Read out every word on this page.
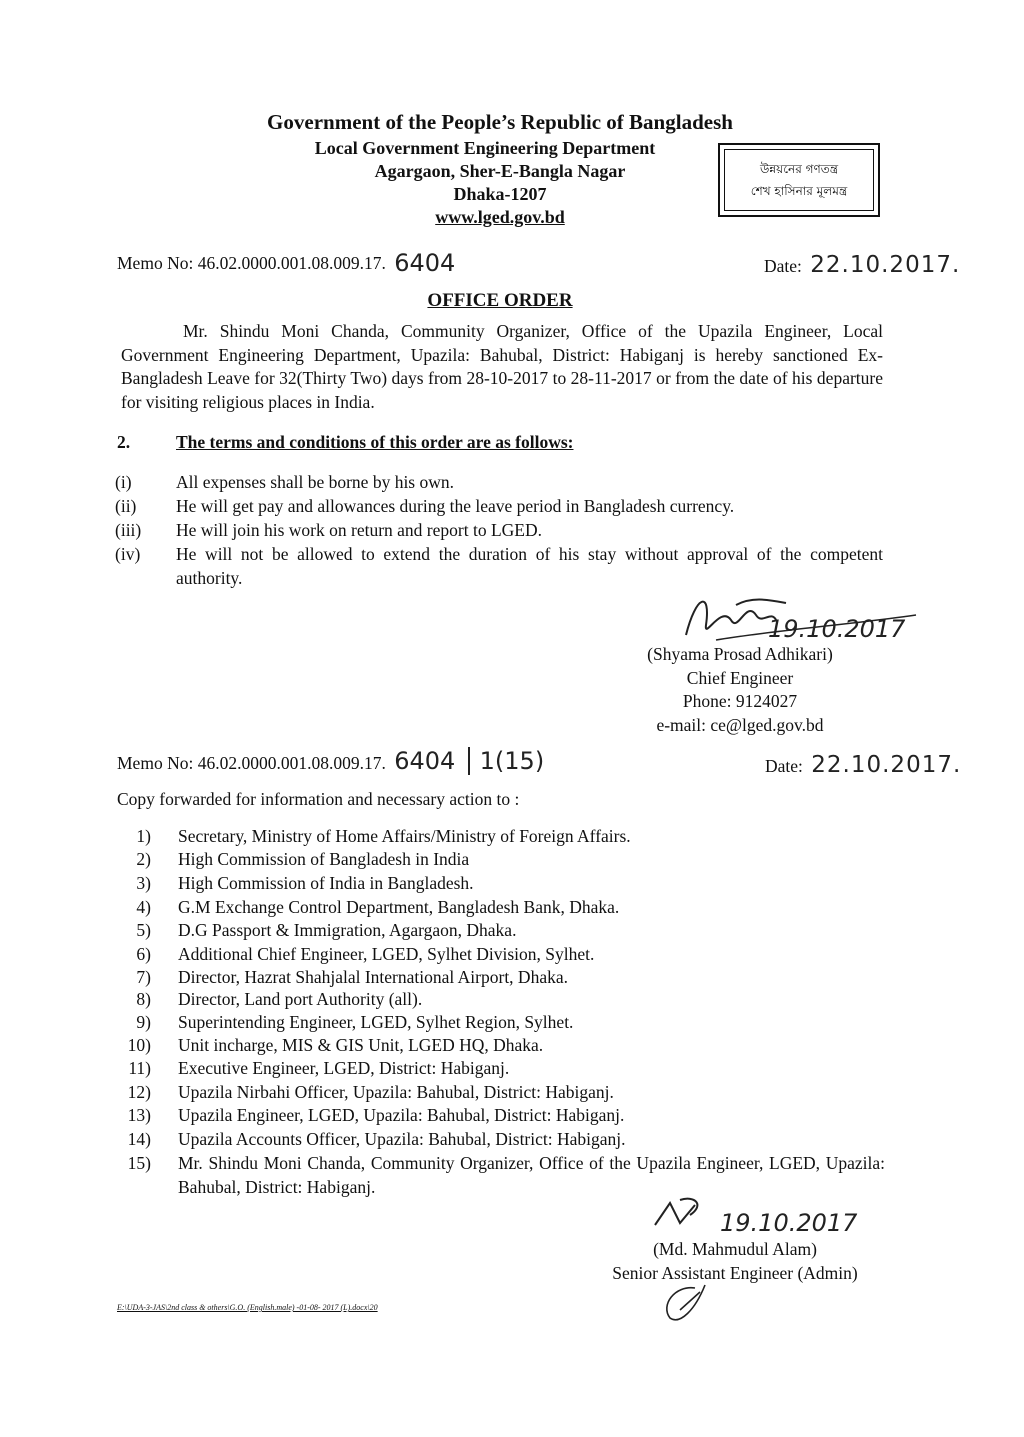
Government of the People’s Republic of Bangladesh
Local Government Engineering Department
Agargaon, Sher-E-Bangla Nagar
Dhaka-1207
www.lged.gov.bd
উন্নয়নের গণতন্ত্র
শেখ হাসিনার মূলমন্ত্র
Memo No: 46.02.0000.001.08.009.17. 6404	Date: 22.10.2017.
OFFICE ORDER
Mr. Shindu Moni Chanda, Community Organizer, Office of the Upazila Engineer, Local Government Engineering Department, Upazila: Bahubal, District: Habiganj is hereby sanctioned Ex-Bangladesh Leave for 32(Thirty Two) days from 28-10-2017 to 28-11-2017 or from the date of his departure for visiting religious places in India.
2.	The terms and conditions of this order are as follows:
(i)	All expenses shall be borne by his own.
(ii) He will get pay and allowances during the leave period in Bangladesh currency.
(iii) He will join his work on return and report to LGED.
(iv) He will not be allowed to extend the duration of his stay without approval of the competent authority.
19.10.2017
(Shyama Prosad Adhikari)
Chief Engineer
Phone: 9124027
e-mail: ce@lged.gov.bd
Memo No: 46.02.0000.001.08.009.17. 6404 1(15)	Date: 22.10.2017.
Copy forwarded for information and necessary action to :
1) Secretary, Ministry of Home Affairs/Ministry of Foreign Affairs.
2) High Commission of Bangladesh in India
3) High Commission of India in Bangladesh.
4) G.M Exchange Control Department, Bangladesh Bank, Dhaka.
5) D.G Passport & Immigration, Agargaon, Dhaka.
6) Additional Chief Engineer, LGED, Sylhet Division, Sylhet.
7) Director, Hazrat Shahjalal International Airport, Dhaka.
8) Director, Land port Authority (all).
9) Superintending Engineer, LGED, Sylhet Region, Sylhet.
10) Unit incharge, MIS & GIS Unit, LGED HQ, Dhaka.
11) Executive Engineer, LGED, District: Habiganj.
12) Upazila Nirbahi Officer, Upazila: Bahubal, District: Habiganj.
13) Upazila Engineer, LGED, Upazila: Bahubal, District: Habiganj.
14) Upazila Accounts Officer, Upazila: Bahubal, District: Habiganj.
15) Mr. Shindu Moni Chanda, Community Organizer, Office of the Upazila Engineer, LGED, Upazila: Bahubal, District: Habiganj.
19.10.2017
(Md. Mahmudul Alam)
Senior Assistant Engineer (Admin)
E:\UDA-3-JAS\2nd class & others\G.O. (English.male) -01-08- 2017 (L).docx\20
